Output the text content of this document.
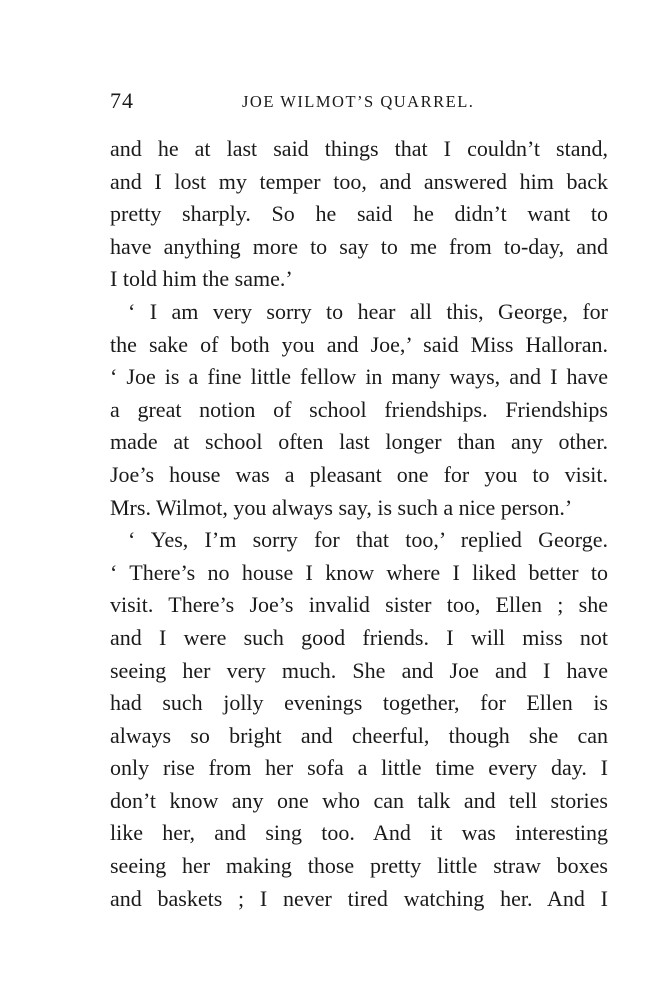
74	JOE WILMOT’S QUARREL.
and he at last said things that I couldn’t stand,
and I lost my temper too, and answered him back
pretty sharply. So he said he didn’t want to
have anything more to say to me from to-day, and
I told him the same.’
‘ I am very sorry to hear all this, George, for
the sake of both you and Joe,’ said Miss Halloran.
‘ Joe is a fine little fellow in many ways, and I have
a great notion of school friendships. Friendships
made at school often last longer than any other.
Joe’s house was a pleasant one for you to visit.
Mrs. Wilmot, you always say, is such a nice person.’
‘ Yes, I’m sorry for that too,’ replied George.
‘ There’s no house I know where I liked better to
visit. There’s Joe’s invalid sister too, Ellen ; she
and I were such good friends. I will miss not
seeing her very much. She and Joe and I have
had such jolly evenings together, for Ellen is
always so bright and cheerful, though she can
only rise from her sofa a little time every day. I
don’t know any one who can talk and tell stories
like her, and sing too. And it was interesting
seeing her making those pretty little straw boxes
and baskets ; I never tired watching her. And I
